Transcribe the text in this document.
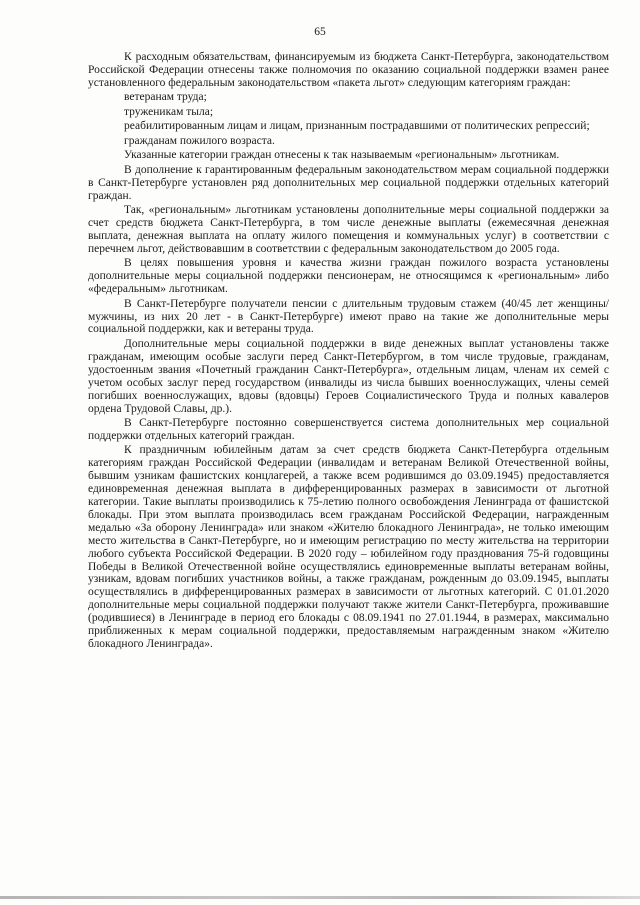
65

К расходным обязательствам, финансируемым из бюджета Санкт-Петербурга, законодательством Российской Федерации отнесены также полномочия по оказанию социальной поддержки взамен ранее установленного федеральным законодательством «пакета льгот» следующим категориям граждан:

ветеранам труда;

труженикам тыла;

реабилитированным лицам и лицам, признанным пострадавшими от политических репрессий;

гражданам пожилого возраста.

Указанные категории граждан отнесены к так называемым «региональным» льготникам.

В дополнение к гарантированным федеральным законодательством мерам социальной поддержки в Санкт-Петербурге установлен ряд дополнительных мер социальной поддержки отдельных категорий граждан.

Так, «региональным» льготникам установлены дополнительные меры социальной поддержки за счет средств бюджета Санкт-Петербурга, в том числе денежные выплаты (ежемесячная денежная выплата, денежная выплата на оплату жилого помещения и коммунальных услуг) в соответствии с перечнем льгот, действовавшим в соответствии с федеральным законодательством до 2005 года.

В целях повышения уровня и качества жизни граждан пожилого возраста установлены дополнительные меры социальной поддержки пенсионерам, не относящимся к «региональным» либо «федеральным» льготникам.

В Санкт-Петербурге получатели пенсии с длительным трудовым стажем (40/45 лет женщины/мужчины, из них 20 лет - в Санкт-Петербурге) имеют право на такие же дополнительные меры социальной поддержки, как и ветераны труда.

Дополнительные меры социальной поддержки в виде денежных выплат установлены также гражданам, имеющим особые заслуги перед Санкт-Петербургом, в том числе трудовые, гражданам, удостоенным звания «Почетный гражданин Санкт-Петербурга», отдельным лицам, членам их семей с учетом особых заслуг перед государством (инвалиды из числа бывших военнослужащих, члены семей погибших военнослужащих, вдовы (вдовцы) Героев Социалистического Труда и полных кавалеров ордена Трудовой Славы, др.).

В Санкт-Петербурге постоянно совершенствуется система дополнительных мер социальной поддержки отдельных категорий граждан.

К праздничным юбилейным датам за счет средств бюджета Санкт-Петербурга отдельным категориям граждан Российской Федерации (инвалидам и ветеранам Великой Отечественной войны, бывшим узникам фашистских концлагерей, а также всем родившимся до 03.09.1945) предоставляется единовременная денежная выплата в дифференцированных размерах в зависимости от льготной категории. Такие выплаты производились к 75-летию полного освобождения Ленинграда от фашистской блокады. При этом выплата производилась всем гражданам Российской Федерации, награжденным медалью «За оборону Ленинграда» или знаком «Жителю блокадного Ленинграда», не только имеющим место жительства в Санкт-Петербурге, но и имеющим регистрацию по месту жительства на территории любого субъекта Российской Федерации. В 2020 году – юбилейном году празднования 75-й годовщины Победы в Великой Отечественной войне осуществлялись единовременные выплаты ветеранам войны, узникам, вдовам погибших участников войны, а также гражданам, рожденным до 03.09.1945, выплаты осуществлялись в дифференцированных размерах в зависимости от льготных категорий. С 01.01.2020 дополнительные меры социальной поддержки получают также жители Санкт-Петербурга, проживавшие (родившиеся) в Ленинграде в период его блокады с 08.09.1941 по 27.01.1944, в размерах, максимально приближенных к мерам социальной поддержки, предоставляемым награжденным знаком «Жителю блокадного Ленинграда».
